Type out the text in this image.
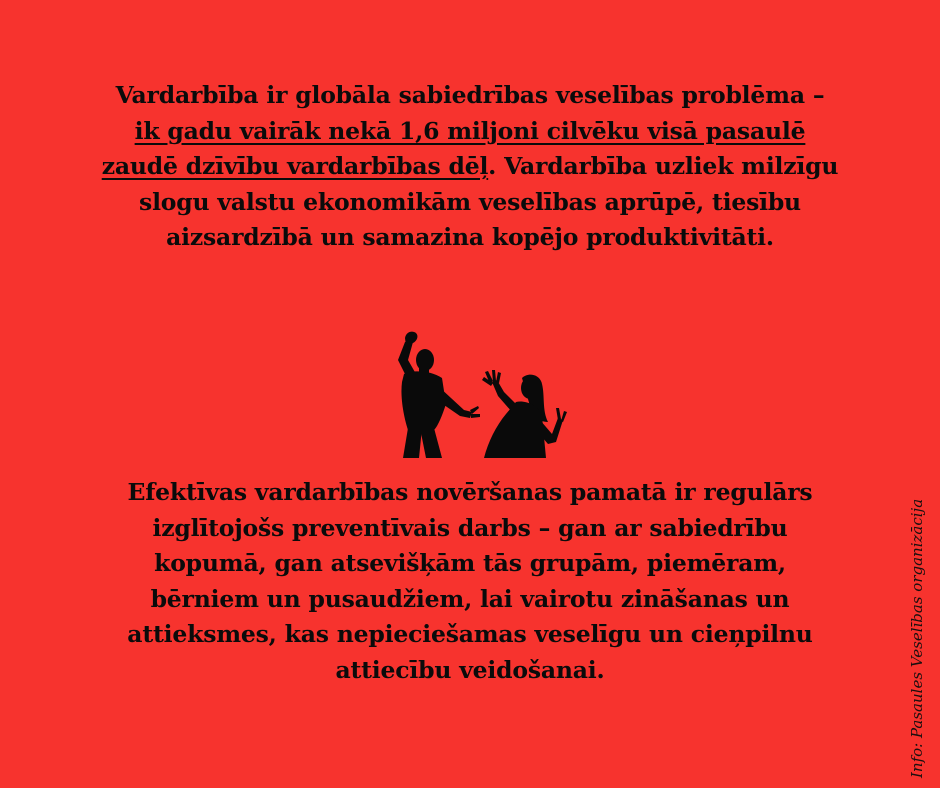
Vardarbība ir globāla sabiedrības veselības problēma – ik gadu vairāk nekā 1,6 miljoni cilvēku visā pasaulē zaudē dzīvību vardarbības dēļ. Vardarbība uzliek milzīgu slogu valstu ekonomikām veselības aprūpē, tiesību aizsardzībā un samazina kopējo produktivitāti.

Efektīvas vardarbības novēršanas pamatā ir regulārs izglītojošs preventīvais darbs – gan ar sabiedrību kopumā, gan atsevišķām tās grupām, piemēram, bērniem un pusaudžiem, lai vairotu zināšanas un attieksmes, kas nepieciešamas veselīgu un cieņpilnu attiecību veidošanai.	Info: Pasaules Veselības organizācija
